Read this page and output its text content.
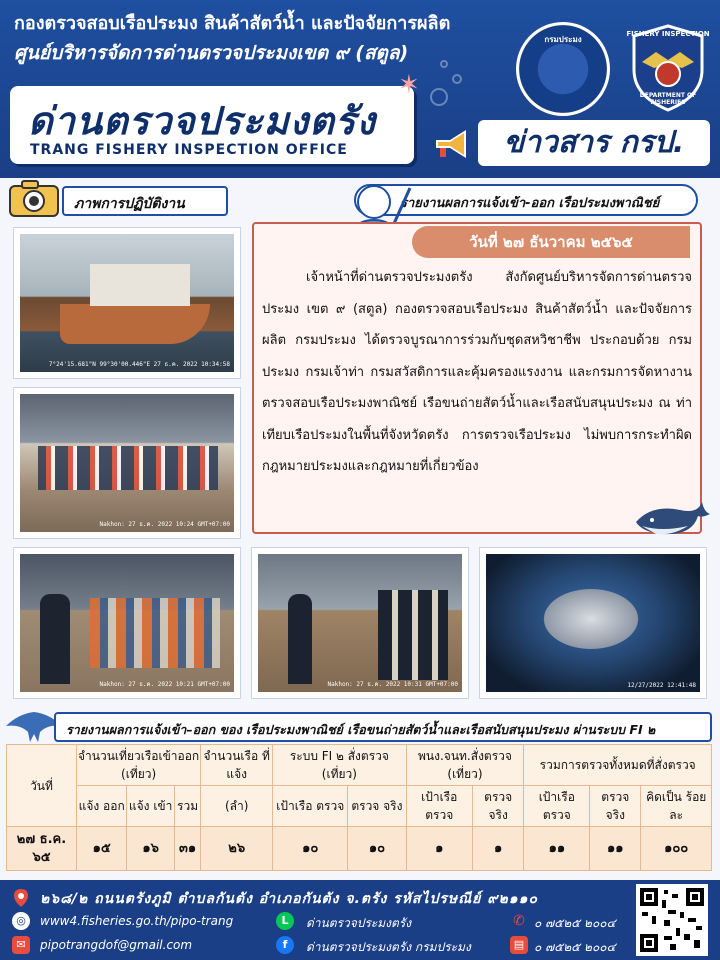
กองตรวจสอบเรือประมง สินค้าสัตว์น้ำ และปัจจัยการผลิต
ศูนย์บริหารจัดการด่านตรวจประมงเขต ๙ (สตูล)
ด่านตรวจประมงตรัง
TRANG FISHERY INSPECTION OFFICE
✶
ข่าวสาร กรป.
กรมประมง
FISHERY INSPECTION
DEPARTMENT OF FISHERIES
ภาพการปฏิบัติงาน	รายงานผลการแจ้งเข้า-ออก เรือประมงพาณิชย์
7°24'15.681"N 99°30'00.446"E 27 ธ.ค. 2022 10:34:58
Nakhon: 27 ธ.ค. 2022 10:24 GMT+07:00
Nakhon: 27 ธ.ค. 2022 10:21 GMT+07:00	Nakhon: 27 ธ.ค. 2022 10:31 GMT+07:00	12/27/2022 12:41:48
วันที่ ๒๗ ธันวาคม ๒๕๖๕
เจ้าหน้าที่ด่านตรวจประมงตรัง สังกัดศูนย์บริหารจัดการด่านตรวจประมง เขต ๙ (สตูล) กองตรวจสอบเรือประมง สินค้าสัตว์น้ำ และปัจจัยการผลิต กรมประมง ได้ตรวจบูรณาการร่วมกับชุดสหวิชาชีพ ประกอบด้วย กรมประมง กรมเจ้าท่า กรมสวัสดิการและคุ้มครองแรงงาน และกรมการจัดหางาน ตรวจสอบเรือประมงพาณิชย์ เรือขนถ่ายสัตว์น้ำและเรือสนับสนุนประมง ณ ท่าเทียบเรือประมงในพื้นที่จังหวัดตรัง การตรวจเรือประมง ไม่พบการกระทำผิดกฎหมายประมงและกฎหมายที่เกี่ยวข้อง
รายงานผลการแจ้งเข้า–ออก ของ เรือประมงพาณิชย์ เรือขนถ่ายสัตว์น้ำและเรือสนับสนุนประมง ผ่านระบบ FI ๒
วันที่	จำนวนเที่ยวเรือเข้าออก (เที่ยว)			จำนวนเรือ ที่แจ้ง	ระบบ FI ๒ สั่งตรวจ (เที่ยว)		พนง.จนท.สั่งตรวจ (เที่ยว)		รวมการตรวจทั้งหมดที่สั่งตรวจ		
	แจ้ง ออก	แจ้ง เข้า	รวม	(ลำ)	เป้าเรือ ตรวจ	ตรวจ จริง	เป้าเรือ ตรวจ	ตรวจ จริง	เป้าเรือ ตรวจ	ตรวจ จริง	คิดเป็น ร้อยละ
๒๗ ธ.ค. ๖๕	๑๕	๑๖	๓๑	๒๖	๑๐	๑๐	๑	๑	๑๑	๑๑	๑๐๐
๒๖๘/๒ ถนนตรังภูมิ ตำบลกันตัง อำเภอกันตัง จ.ตรัง รหัสไปรษณีย์ ๙๒๑๑๐
◎	www4.fisheries.go.th/pipo-trang	L	ด่านตรวจประมงตรัง	✆ ๐ ๗๕๒๕ ๒๐๐๔
✉	pipotrangdof@gmail.com	f	ด่านตรวจประมงตรัง กรมประมง	▤ ๐ ๗๕๒๕ ๒๐๐๔
